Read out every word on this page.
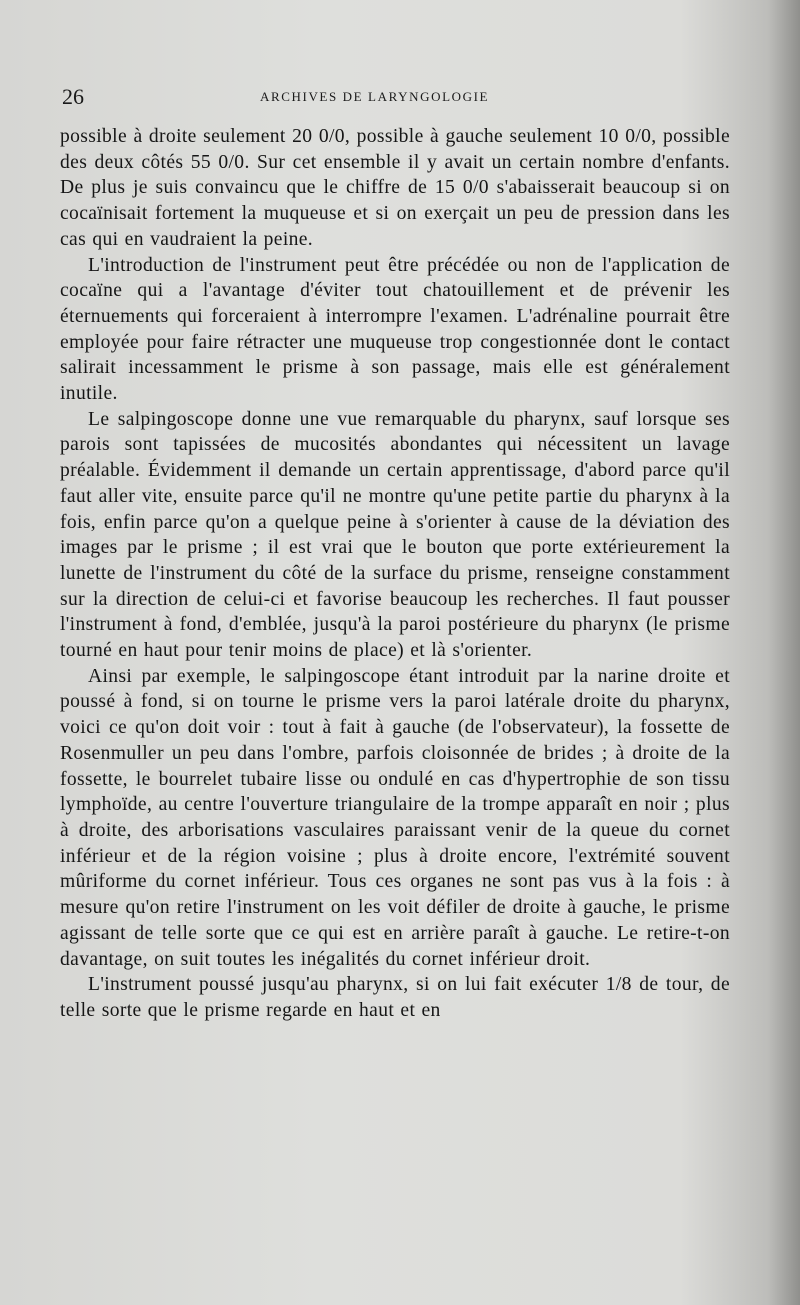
26	ARCHIVES DE LARYNGOLOGIE

possible à droite seulement 20 0/0, possible à gauche seulement 10 0/0, possible des deux côtés 55 0/0. Sur cet ensemble il y avait un certain nombre d'enfants. De plus je suis convaincu que le chiffre de 15 0/0 s'abaisserait beaucoup si on cocaïnisait fortement la muqueuse et si on exerçait un peu de pression dans les cas qui en vaudraient la peine.

L'introduction de l'instrument peut être précédée ou non de l'application de cocaïne qui a l'avantage d'éviter tout chatouillement et de prévenir les éternuements qui forceraient à interrompre l'examen. L'adrénaline pourrait être employée pour faire rétracter une muqueuse trop congestionnée dont le contact salirait incessamment le prisme à son passage, mais elle est généralement inutile.

Le salpingoscope donne une vue remarquable du pharynx, sauf lorsque ses parois sont tapissées de mucosités abondantes qui nécessitent un lavage préalable. Évidemment il demande un certain apprentissage, d'abord parce qu'il faut aller vite, ensuite parce qu'il ne montre qu'une petite partie du pharynx à la fois, enfin parce qu'on a quelque peine à s'orienter à cause de la déviation des images par le prisme ; il est vrai que le bouton que porte extérieurement la lunette de l'instrument du côté de la surface du prisme, renseigne constamment sur la direction de celui-ci et favorise beaucoup les recherches. Il faut pousser l'instrument à fond, d'emblée, jusqu'à la paroi postérieure du pharynx (le prisme tourné en haut pour tenir moins de place) et là s'orienter.

Ainsi par exemple, le salpingoscope étant introduit par la narine droite et poussé à fond, si on tourne le prisme vers la paroi latérale droite du pharynx, voici ce qu'on doit voir : tout à fait à gauche (de l'observateur), la fossette de Rosenmuller un peu dans l'ombre, parfois cloisonnée de brides ; à droite de la fossette, le bourrelet tubaire lisse ou ondulé en cas d'hypertrophie de son tissu lymphoïde, au centre l'ouverture triangulaire de la trompe apparaît en noir ; plus à droite, des arborisations vasculaires paraissant venir de la queue du cornet inférieur et de la région voisine ; plus à droite encore, l'extrémité souvent mûriforme du cornet inférieur. Tous ces organes ne sont pas vus à la fois : à mesure qu'on retire l'instrument on les voit défiler de droite à gauche, le prisme agissant de telle sorte que ce qui est en arrière paraît à gauche. Le retire-t-on davantage, on suit toutes les inégalités du cornet inférieur droit.

L'instrument poussé jusqu'au pharynx, si on lui fait exécuter 1/8 de tour, de telle sorte que le prisme regarde en haut et en
